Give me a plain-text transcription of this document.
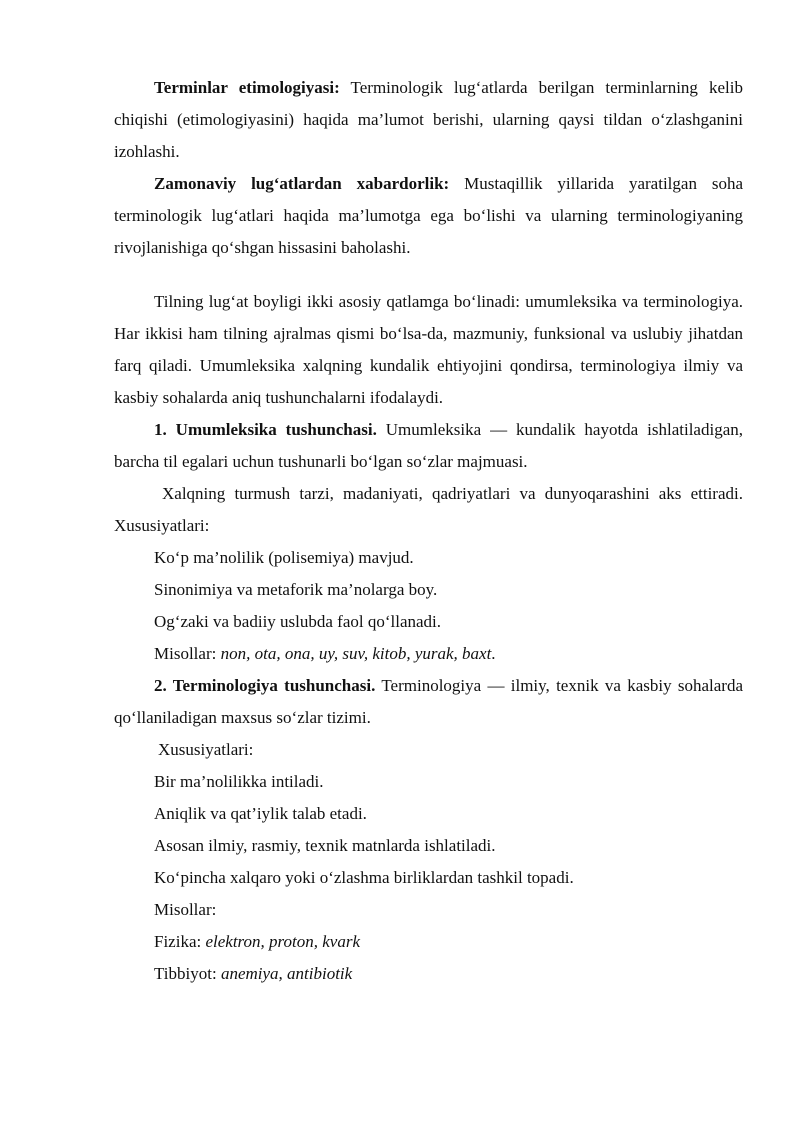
Terminlar etimologiyasi: Terminologik lug‘atlarda berilgan terminlarning kelib chiqishi (etimologiyasini) haqida ma’lumot berishi, ularning qaysi tildan o‘zlashganini izohlashi.

Zamonaviy lug‘atlardan xabardorlik: Mustaqillik yillarida yaratilgan soha terminologik lug‘atlari haqida ma’lumotga ega bo‘lishi va ularning terminologiyaning rivojlanishiga qo‘shgan hissasini baholashi.

Tilning lug‘at boyligi ikki asosiy qatlamga bo‘linadi: umumleksika va terminologiya. Har ikkisi ham tilning ajralmas qismi bo‘lsa-da, mazmuniy, funksional va uslubiy jihatdan farq qiladi. Umumleksika xalqning kundalik ehtiyojini qondirsa, terminologiya ilmiy va kasbiy sohalarda aniq tushunchalarni ifodalaydi.

1. Umumleksika tushunchasi. Umumleksika — kundalik hayotda ishlatiladigan, barcha til egalari uchun tushunarli bo‘lgan so‘zlar majmuasi.

Xalqning turmush tarzi, madaniyati, qadriyatlari va dunyoqarashini aks ettiradi. Xususiyatlari:

Ko‘p ma’nolilik (polisemiya) mavjud.

Sinonimiya va metaforik ma’nolarga boy.

Og‘zaki va badiiy uslubda faol qo‘llanadi.

Misollar: non, ota, ona, uy, suv, kitob, yurak, baxt.

2. Terminologiya tushunchasi. Terminologiya — ilmiy, texnik va kasbiy sohalarda qo‘llaniladigan maxsus so‘zlar tizimi.

Xususiyatlari:

Bir ma’nolilikka intiladi.

Aniqlik va qat’iylik talab etadi.

Asosan ilmiy, rasmiy, texnik matnlarda ishlatiladi.

Ko‘pincha xalqaro yoki o‘zlashma birliklardan tashkil topadi.

Misollar:

Fizika: elektron, proton, kvark

Tibbiyot: anemiya, antibiotik
